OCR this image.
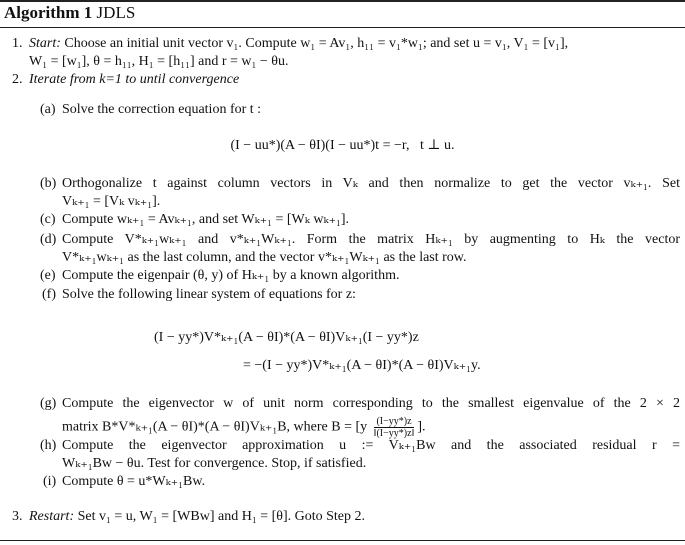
Algorithm 1 JDLS
1. Start: Choose an initial unit vector v₁. Compute w₁ = Av₁, h₁₁ = v₁*w₁; and set u = v₁, V₁ = [v₁],
W₁ = [w₁], θ = h₁₁, H₁ = [h₁₁] and r = w₁ − θu.
2. Iterate from k=1 to until convergence
(a) Solve the correction equation for t :
(I − uu*)(A − θI)(I − uu*)t = −r,   t ⊥ u.
(b) Orthogonalize t against column vectors in Vₖ and then normalize to get the vector vₖ₊₁. Set
Vₖ₊₁ = [Vₖ vₖ₊₁].
(c) Compute wₖ₊₁ = Avₖ₊₁, and set Wₖ₊₁ = [Wₖ wₖ₊₁].
(d) Compute V*ₖ₊₁wₖ₊₁ and v*ₖ₊₁Wₖ₊₁. Form the matrix Hₖ₊₁ by augmenting to Hₖ the vector
V*ₖ₊₁wₖ₊₁ as the last column, and the vector v*ₖ₊₁Wₖ₊₁ as the last row.
(e) Compute the eigenpair (θ, y) of Hₖ₊₁ by a known algorithm.
(f) Solve the following linear system of equations for z:
(I − yy*)V*ₖ₊₁(A − θI)*(A − θI)Vₖ₊₁(I − yy*)z
= −(I − yy*)V*ₖ₊₁(A − θI)*(A − θI)Vₖ₊₁y.
(g) Compute the eigenvector w of unit norm corresponding to the smallest eigenvalue of the 2 × 2
matrix B*V*ₖ₊₁(A − θI)*(A − θI)Vₖ₊₁B, where $B = [y \frac{(I-yy*)z}{‖(I-yy*)z‖}$ ].
(h) Compute the eigenvector approximation u := Vₖ₊₁Bw and the associated residual r =
Wₖ₊₁Bw − θu. Test for convergence. Stop, if satisfied.
(i) Compute θ = u*Wₖ₊₁Bw.
3. Restart: Set v₁ = u, W₁ = [WBw] and H₁ = [θ]. Goto Step 2.
